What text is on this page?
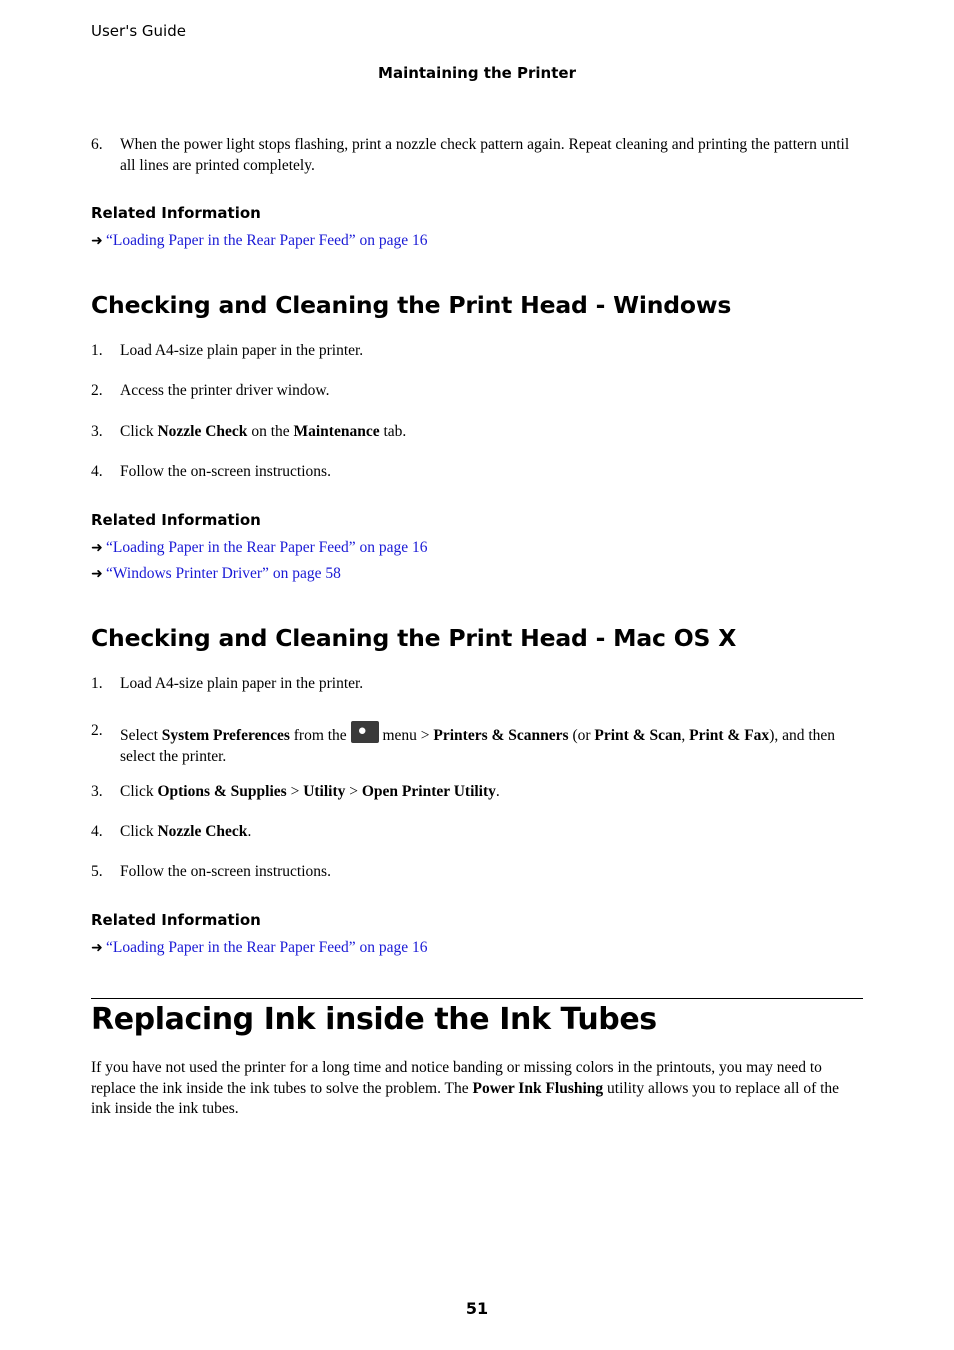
User's Guide
Maintaining the Printer
6.	When the power light stops flashing, print a nozzle check pattern again. Repeat cleaning and printing the pattern until all lines are printed completely.
Related Information
➜ “Loading Paper in the Rear Paper Feed” on page 16
Checking and Cleaning the Print Head - Windows
1.	Load A4-size plain paper in the printer.
2.	Access the printer driver window.
3.	Click Nozzle Check on the Maintenance tab.
4.	Follow the on-screen instructions.
Related Information
➜ “Loading Paper in the Rear Paper Feed” on page 16
➜ “Windows Printer Driver” on page 58
Checking and Cleaning the Print Head - Mac OS X
1.	Load A4-size plain paper in the printer.
2.	Select System Preferences from the ● menu > Printers & Scanners (or Print & Scan, Print & Fax), and then select the printer.
3.	Click Options & Supplies > Utility > Open Printer Utility.
4.	Click Nozzle Check.
5.	Follow the on-screen instructions.
Related Information
➜ “Loading Paper in the Rear Paper Feed” on page 16
Replacing Ink inside the Ink Tubes
If you have not used the printer for a long time and notice banding or missing colors in the printouts, you may need to replace the ink inside the ink tubes to solve the problem. The Power Ink Flushing utility allows you to replace all of the ink inside the ink tubes.
51
